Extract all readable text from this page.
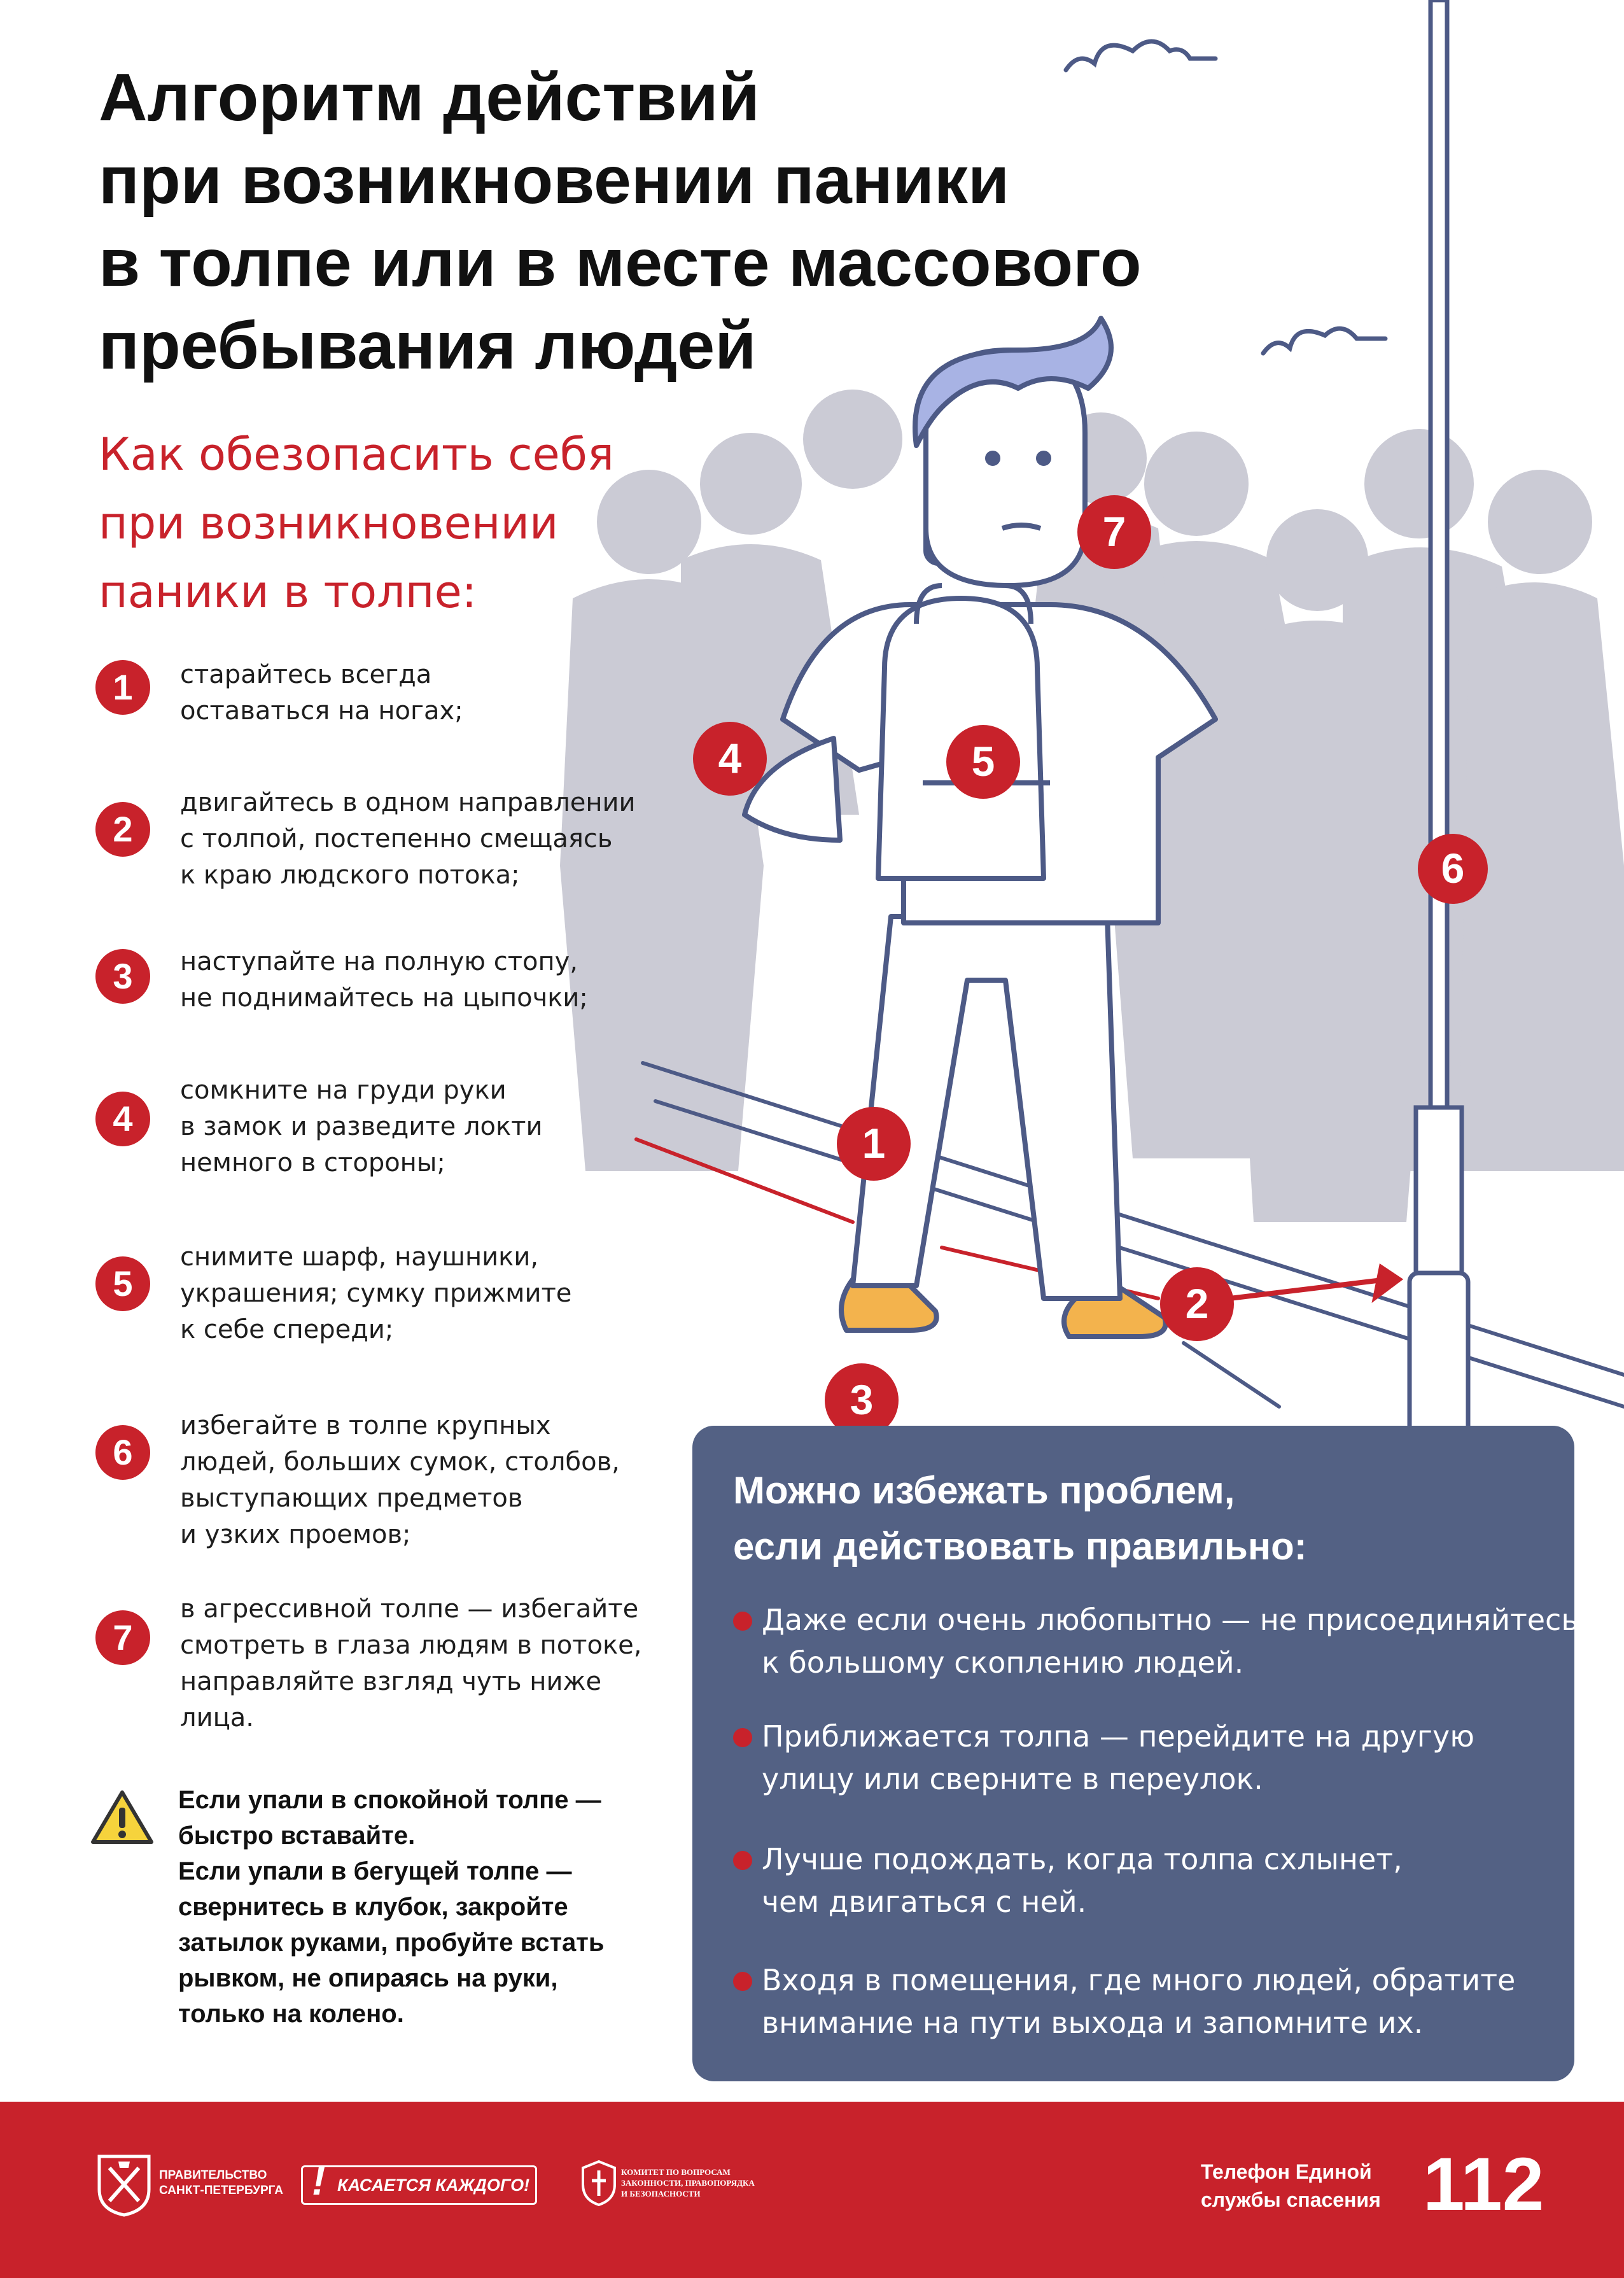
7
4	5
6
1
2
3
Алгоритм действий
при возникновении паники
в толпе или в месте массового
пребывания людей
Как обезопасить себя
при возникновении
паники в толпе:
1	старайтесь всегда
оставаться на ногах;
2
двигайтесь в одном направлении
с толпой, постепенно смещаясь
к краю людского потока;
3	наступайте на полную стопу,
не поднимайтесь на цыпочки;
4
сомкните на груди руки
в замок и разведите локти
немного в стороны;
5
снимите шарф, наушники,
украшения; сумку прижмите
к себе спереди;
6
избегайте в толпе крупных
людей, больших сумок, столбов,
выступающих предметов
и узких проемов;
7
в агрессивной толпе — избегайте
смотреть в глаза людям в потоке,
направляйте взгляд чуть ниже
лица.
Если упали в спокойной толпе —
быстро вставайте.
Если упали в бегущей толпе —
свернитесь в клубок, закройте
затылок руками, пробуйте встать
рывком, не опираясь на руки,
только на колено.
Можно избежать проблем,
если действовать правильно:
Даже если очень любопытно — не присоединяйтесь
к большому скоплению людей.
Приближается толпа — перейдите на другую
улицу или сверните в переулок.
Лучше подождать, когда толпа схлынет,
чем двигаться с ней.
Входя в помещения, где много людей, обратите
внимание на пути выхода и запомните их.
ПРАВИТЕЛЬСТВО
САНКТ-ПЕТЕРБУРГА ! КАСАЕТСЯ КАЖДОГО!
КОМИТЕТ ПО ВОПРОСАМ
ЗАКОННОСТИ, ПРАВОПОРЯДКА
И БЕЗОПАСНОСТИ
Телефон Единой
службы спасения 112
